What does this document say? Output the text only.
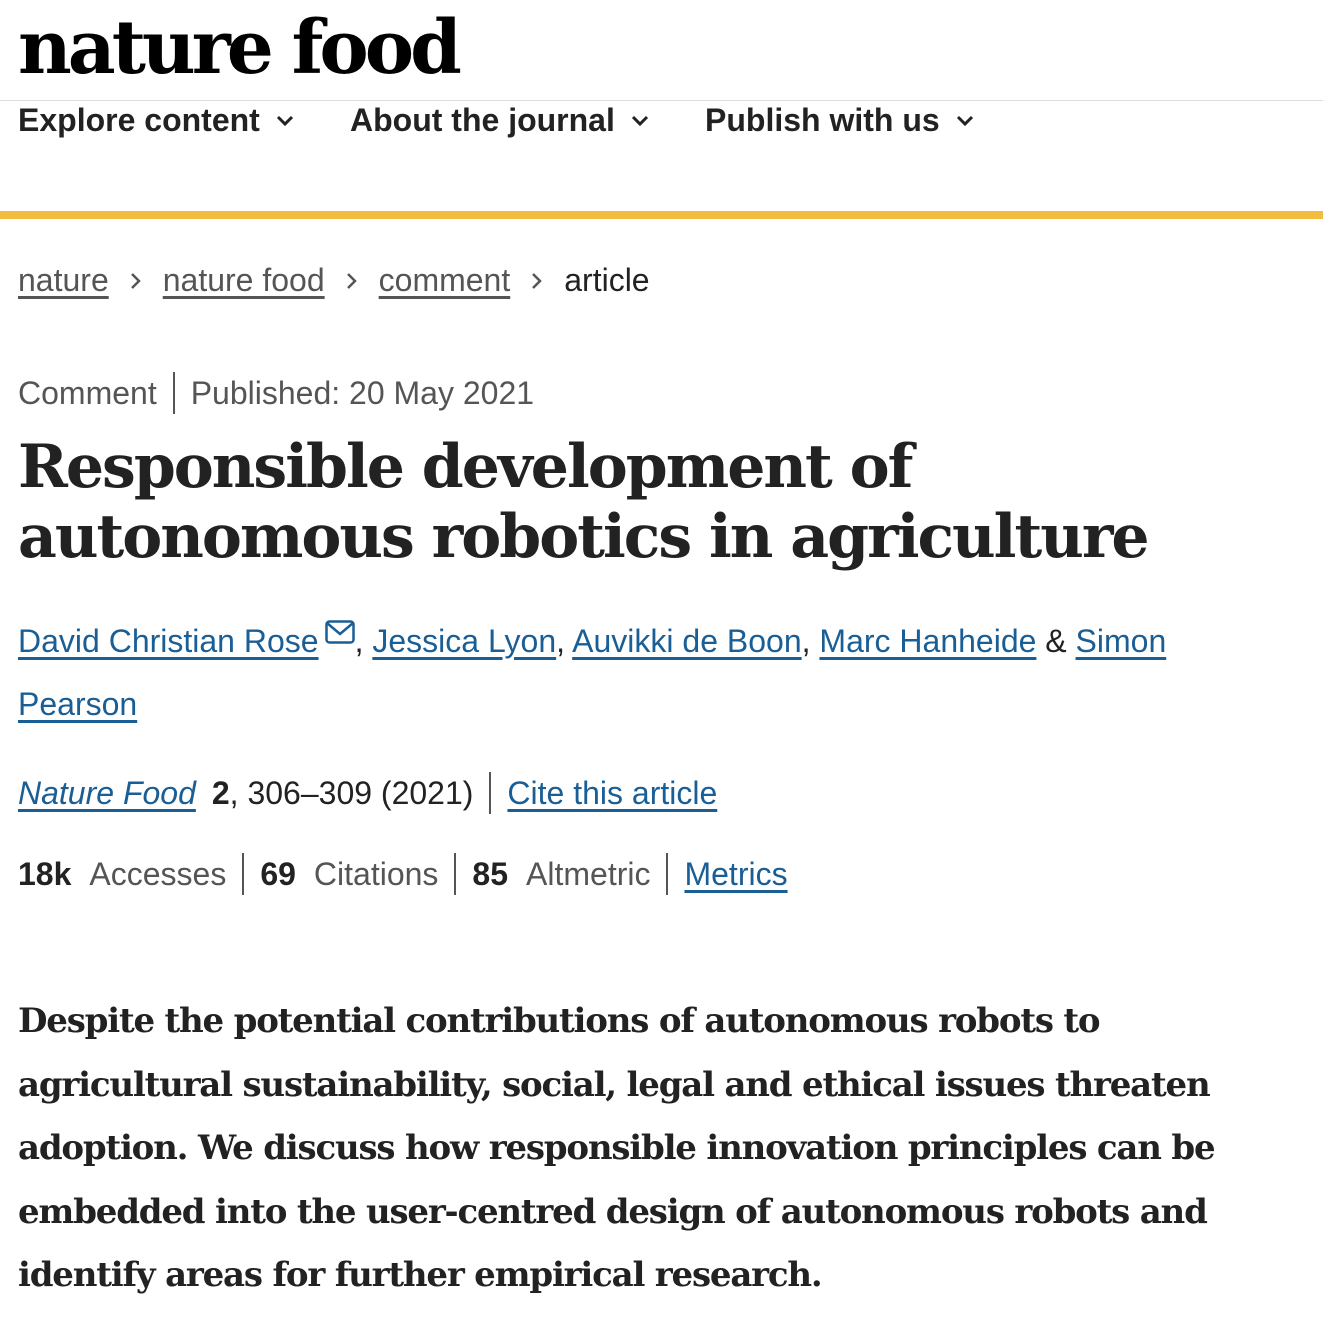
nature food
Explore content	About the journal	Publish with us
nature nature food comment article
Comment Published: 20 May 2021
Responsible development of autonomous robotics in agriculture
David Christian Rose , Jessica Lyon, Auvikki de Boon, Marc Hanheide & Simon Pearson
Nature Food 2 , 306–309 (2021) Cite this article
18k Accesses 69 Citations 85 Altmetric Metrics

Despite the potential contributions of autonomous robots to agricultural sustainability, social, legal and ethical issues threaten adoption. We discuss how responsible innovation principles can be embedded into the user-centred design of autonomous robots and identify areas for further empirical research.
